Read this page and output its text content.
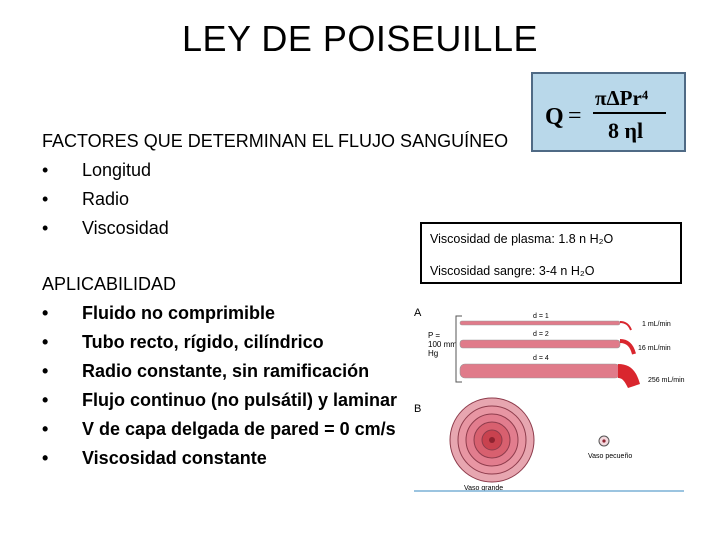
LEY DE POISEUILLE
Q =
πΔPr⁴
8 ηl
FACTORES QUE DETERMINAN EL FLUJO SANGUÍNEO
• Longitud
• Radio
• Viscosidad
Viscosidad de plasma: 1.8 n H₂O
Viscosidad sangre: 3-4 n H₂O
APLICABILIDAD
• Fluido no comprimible
• Tubo recto, rígido, cilíndrico
• Radio constante, sin ramificación
• Flujo continuo (no pulsátil) y laminar
• V de capa delgada de pared = 0 cm/s
• Viscosidad constante
A
P =
100 mm
Hg
d = 1
1 mL/min
d = 2
16 mL/min
d = 4
256 mL/min
B
Vaso pecueño
Vaso grande
